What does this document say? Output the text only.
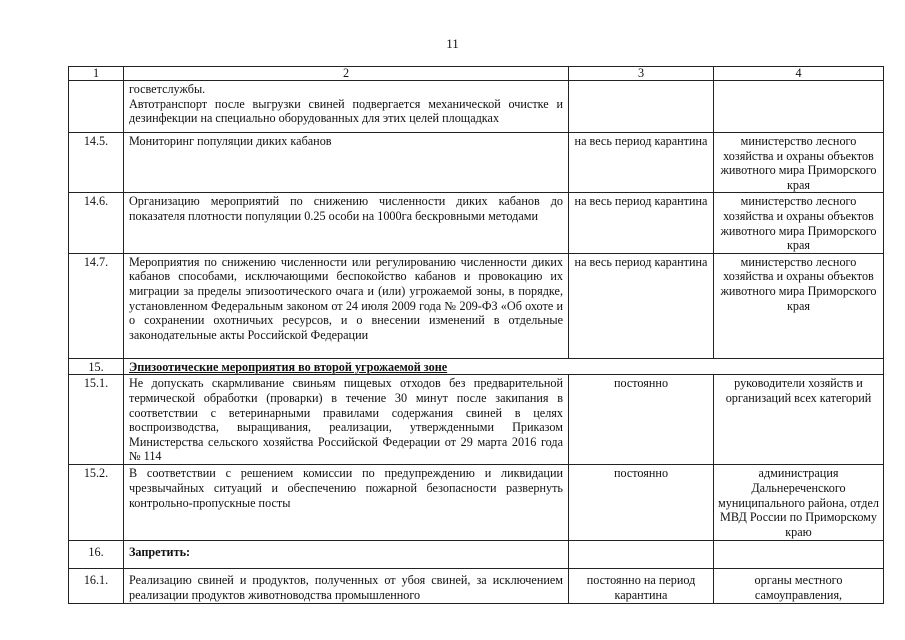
11
1	2	3	4

	госветслужбы.

Автотранспорт после выгрузки свиней подвергается механической очистке и дезинфекции на специально оборудованных для этих целей площадках		

14.5.	Мониторинг популяции диких кабанов	на весь период карантина	министерство лесного хозяйства и охраны объектов животного мира Приморского края
14.6.	Организацию мероприятий по снижению численности диких кабанов до показателя плотности популяции 0.25 особи на 1000га бескровными методами	на весь период карантина	министерство лесного хозяйства и охраны объектов животного мира Приморского края
14.7.	Мероприятия по снижению численности или регулированию численности диких кабанов способами, исключающими беспокойство кабанов и провокацию их миграции за пределы эпизоотического очага и (или) угрожаемой зоны, в порядке, установленном Федеральным законом от 24 июля 2009 года № 209-ФЗ «Об охоте и о сохранении охотничьих ресурсов, и о внесении изменений в отдельные законодательные акты Российской Федерации	на весь период карантина	министерство лесного хозяйства и охраны объектов животного мира Приморского края
15.	Эпизоотические мероприятия во второй угрожаемой зоне		
15.1.	Не допускать скармливание свиньям пищевых отходов без предварительной термической обработки (проварки) в течение 30 минут после закипания в соответствии с ветеринарными правилами содержания свиней в целях воспроизводства, выращивания, реализации, утвержденными Приказом Министерства сельского хозяйства Российской Федерации от 29 марта 2016 года № 114	постоянно	руководители хозяйств и организаций всех категорий
15.2.	В соответствии с решением комиссии по предупреждению и ликвидации чрезвычайных ситуаций и обеспечению пожарной безопасности развернуть контрольно-пропускные посты	постоянно	администрация Дальнереченского муниципального района, отдел МВД России по Приморскому краю
16.	Запретить:		
16.1.	Реализацию свиней и продуктов, полученных от убоя свиней, за исключением реализации продуктов животноводства промышленного	постоянно на период карантина	органы местного самоуправления,
